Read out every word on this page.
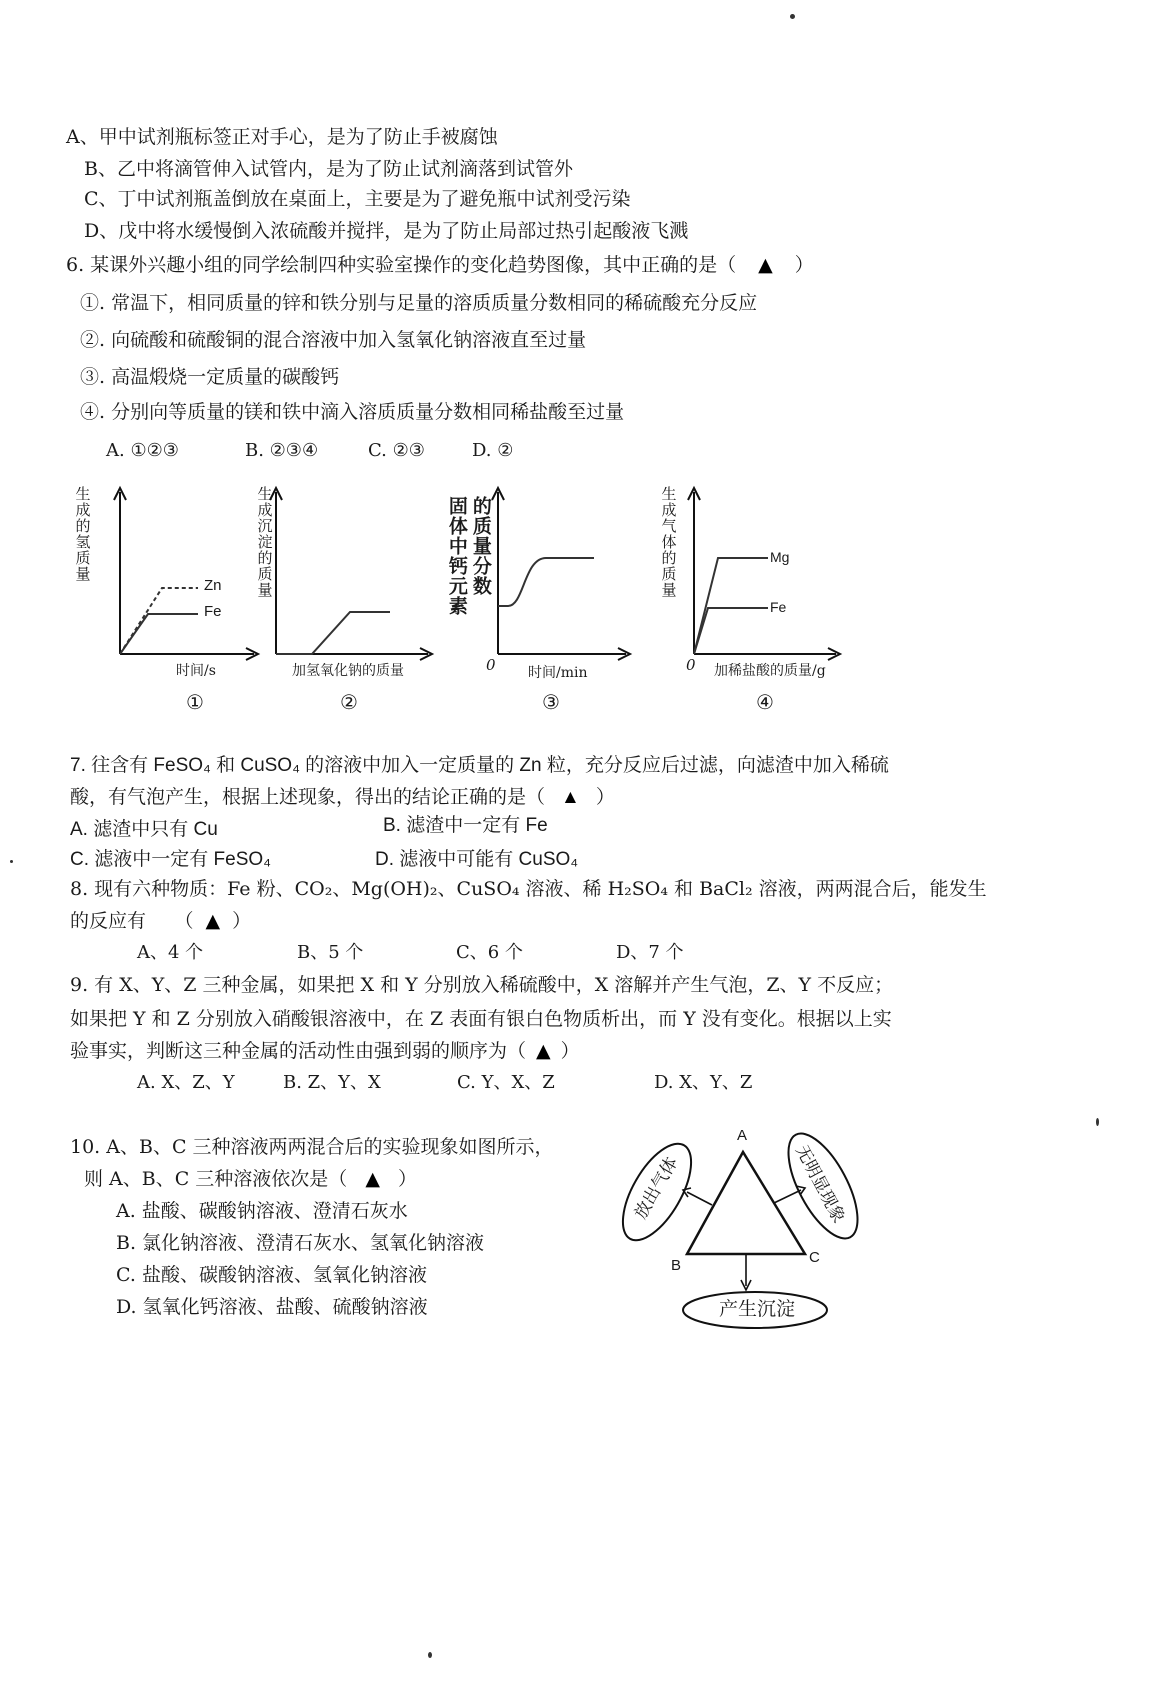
A、甲中试剂瓶标签正对手心，是为了防止手被腐蚀
B、乙中将滴管伸入试管内，是为了防止试剂滴落到试管外
C、丁中试剂瓶盖倒放在桌面上，主要是为了避免瓶中试剂受污染
D、戊中将水缓慢倒入浓硫酸并搅拌，是为了防止局部过热引起酸液飞溅
6. 某课外兴趣小组的同学绘制四种实验室操作的变化趋势图像，其中正确的是（ ▲ ）
①. 常温下，相同质量的锌和铁分别与足量的溶质质量分数相同的稀硫酸充分反应
②. 向硫酸和硫酸铜的混合溶液中加入氢氧化钠溶液直至过量
③. 高温煅烧一定质量的碳酸钙
④. 分别向等质量的镁和铁中滴入溶质质量分数相同稀盐酸至过量
A. ①②③	B. ②③④	C. ②③	D. ②
生成的氢质量
Zn
Fe
时间/s
①
生成沉淀的质量
加氢氧化钠的质量
②
固体中钙元素 的质量分数
0 时间/min
③
生成气体的质量	Mg
Fe
0 加稀盐酸的质量/g
④
7. 往含有 FeSO₄ 和 CuSO₄ 的溶液中加入一定质量的 Zn 粒，充分反应后过滤，向滤渣中加入稀硫
酸，有气泡产生，根据上述现象，得出的结论正确的是（ ▲ ）
A. 滤渣中只有 Cu	B. 滤渣中一定有 Fe
C. 滤液中一定有 FeSO₄	D. 滤液中可能有 CuSO₄
8. 现有六种物质：Fe 粉、CO₂、Mg(OH)₂、CuSO₄ 溶液、稀 H₂SO₄ 和 BaCl₂ 溶液，两两混合后，能发生
的反应有　　（ ▲ ）
A、4 个	B、5 个	C、6 个	D、7 个
9. 有 X、Y、Z 三种金属，如果把 X 和 Y 分别放入稀硫酸中，X 溶解并产生气泡，Z、Y 不反应；
如果把 Y 和 Z 分别放入硝酸银溶液中，在 Z 表面有银白色物质析出，而 Y 没有变化。根据以上实
验事实，判断这三种金属的活动性由强到弱的顺序为（ ▲ ）
A. X、Z、Y	B. Z、Y、X	C. Y、X、Z	D. X、Y、Z
10. A、B、C 三种溶液两两混合后的实验现象如图所示，
则 A、B、C 三种溶液依次是（ ▲ ）
A. 盐酸、碳酸钠溶液、澄清石灰水
B. 氯化钠溶液、澄清石灰水、氢氧化钠溶液
C. 盐酸、碳酸钠溶液、氢氧化钠溶液
D. 氢氧化钙溶液、盐酸、硫酸钠溶液
A
B	C
放出气体	无明显现象
产生沉淀
